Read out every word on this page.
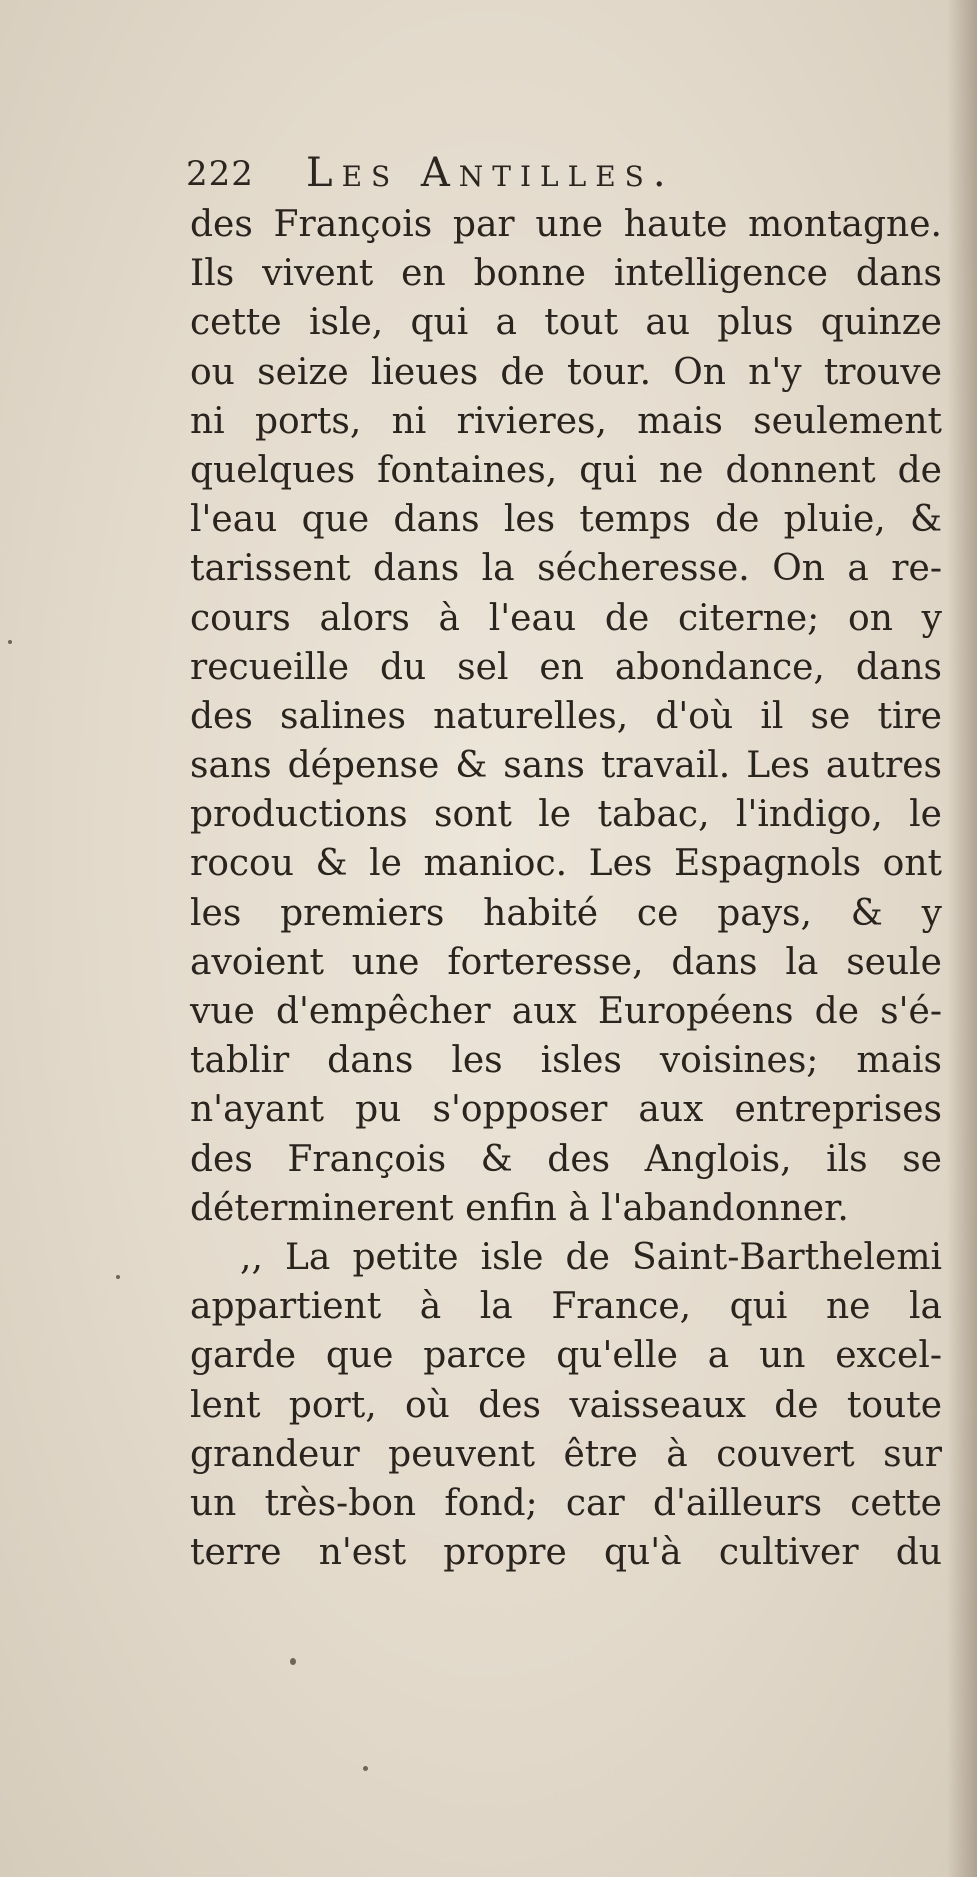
222 Les Antilles.
des François par une haute montagne.
Ils vivent en bonne intelligence dans
cette isle, qui a tout au plus quinze
ou seize lieues de tour. On n'y trouve
ni ports, ni rivieres, mais seulement
quelques fontaines, qui ne donnent de
l'eau que dans les temps de pluie, &
tarissent dans la sécheresse. On a re-
cours alors à l'eau de citerne; on y
recueille du sel en abondance, dans
des salines naturelles, d'où il se tire
sans dépense & sans travail. Les autres
productions sont le tabac, l'indigo, le
rocou & le manioc. Les Espagnols ont
les premiers habité ce pays, & y
avoient une forteresse, dans la seule
vue d'empêcher aux Européens de s'é-
tablir dans les isles voisines; mais
n'ayant pu s'opposer aux entreprises
des François & des Anglois, ils se
déterminerent enfin à l'abandonner.
,, La petite isle de Saint-Barthelemi
appartient à la France, qui ne la
garde que parce qu'elle a un excel-
lent port, où des vaisseaux de toute
grandeur peuvent être à couvert sur
un très-bon fond; car d'ailleurs cette
terre n'est propre qu'à cultiver du
